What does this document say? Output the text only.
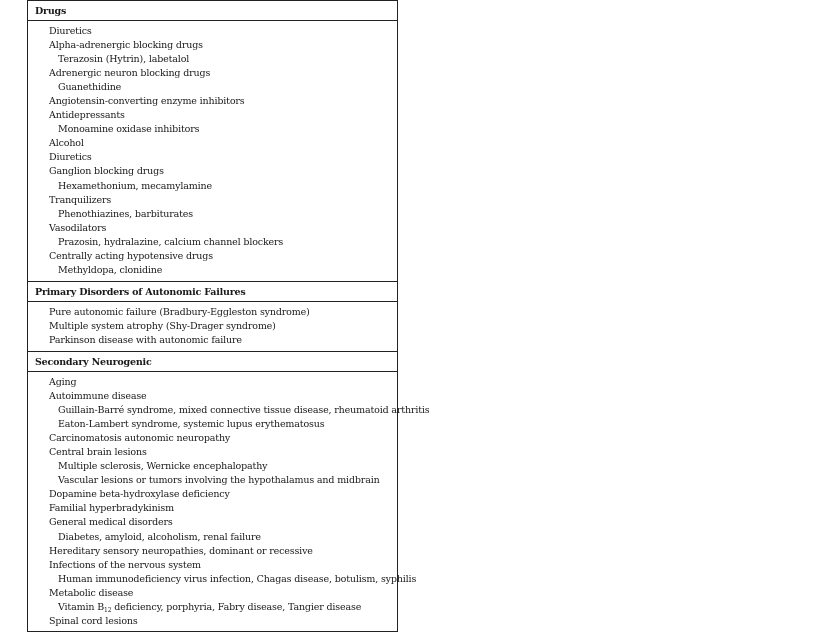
Drugs
Diuretics
Alpha-adrenergic blocking drugs
Terazosin (Hytrin), labetalol
Adrenergic neuron blocking drugs
Guanethidine
Angiotensin-converting enzyme inhibitors
Antidepressants
Monoamine oxidase inhibitors
Alcohol
Diuretics
Ganglion blocking drugs
Hexamethonium, mecamylamine
Tranquilizers
Phenothiazines, barbiturates
Vasodilators
Prazosin, hydralazine, calcium channel blockers
Centrally acting hypotensive drugs
Methyldopa, clonidine
Primary Disorders of Autonomic Failures
Pure autonomic failure (Bradbury-Eggleston syndrome)
Multiple system atrophy (Shy-Drager syndrome)
Parkinson disease with autonomic failure
Secondary Neurogenic
Aging
Autoimmune disease
Guillain-Barré syndrome, mixed connective tissue disease, rheumatoid arthritis
Eaton-Lambert syndrome, systemic lupus erythematosus
Carcinomatosis autonomic neuropathy
Central brain lesions
Multiple sclerosis, Wernicke encephalopathy
Vascular lesions or tumors involving the hypothalamus and midbrain
Dopamine beta-hydroxylase deficiency
Familial hyperbradykinism
General medical disorders
Diabetes, amyloid, alcoholism, renal failure
Hereditary sensory neuropathies, dominant or recessive
Infections of the nervous system
Human immunodeficiency virus infection, Chagas disease, botulism, syphilis
Metabolic disease
Vitamin $B_{12}$ deficiency, porphyria, Fabry disease, Tangier disease
Spinal cord lesions
